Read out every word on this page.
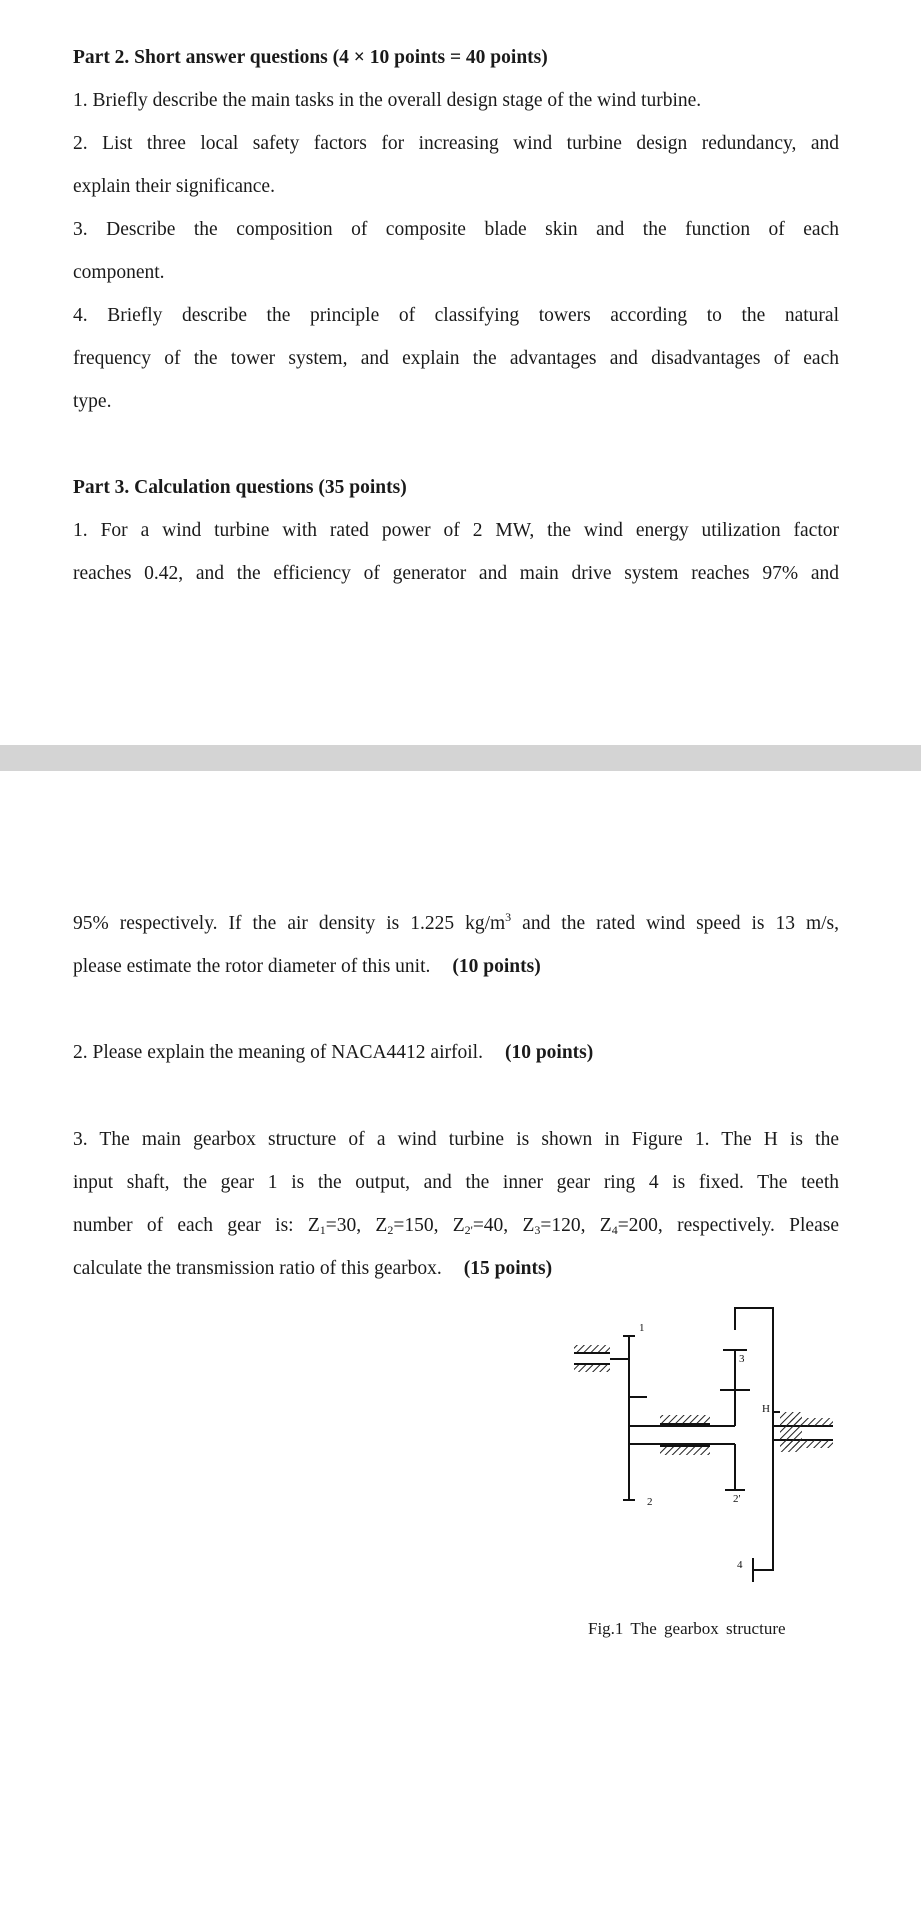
Part 2. Short answer questions (4 × 10 points = 40 points)
1. Briefly describe the main tasks in the overall design stage of the wind turbine.
2. List three local safety factors for increasing wind turbine design redundancy, and
explain their significance.
3. Describe the composition of composite blade skin and the function of each
component.
4. Briefly describe the principle of classifying towers according to the natural
frequency of the tower system, and explain the advantages and disadvantages of each
type.
Part 3. Calculation questions (35 points)
1. For a wind turbine with rated power of 2 MW, the wind energy utilization factor
reaches 0.42, and the efficiency of generator and main drive system reaches 97% and
95% respectively. If the air density is 1.225 $kg/m^3$ and the rated wind speed is 13 m/s,
please estimate the rotor diameter of this unit. (10 points)
2. Please explain the meaning of NACA4412 airfoil. (10 points)
3. The main gearbox structure of a wind turbine is shown in Figure 1. The H is the
input shaft, the gear 1 is the output, and the inner gear ring 4 is fixed. The teeth
number of each gear is: $Z_1=30$, $Z_2=150$, $Z_{2'}=40$, $Z_3=120$, $Z_4=200$, respectively. Please
calculate the transmission ratio of this gearbox. (15 points)
1
2	2'
3
4
H
Fig.1 The gearbox structure
